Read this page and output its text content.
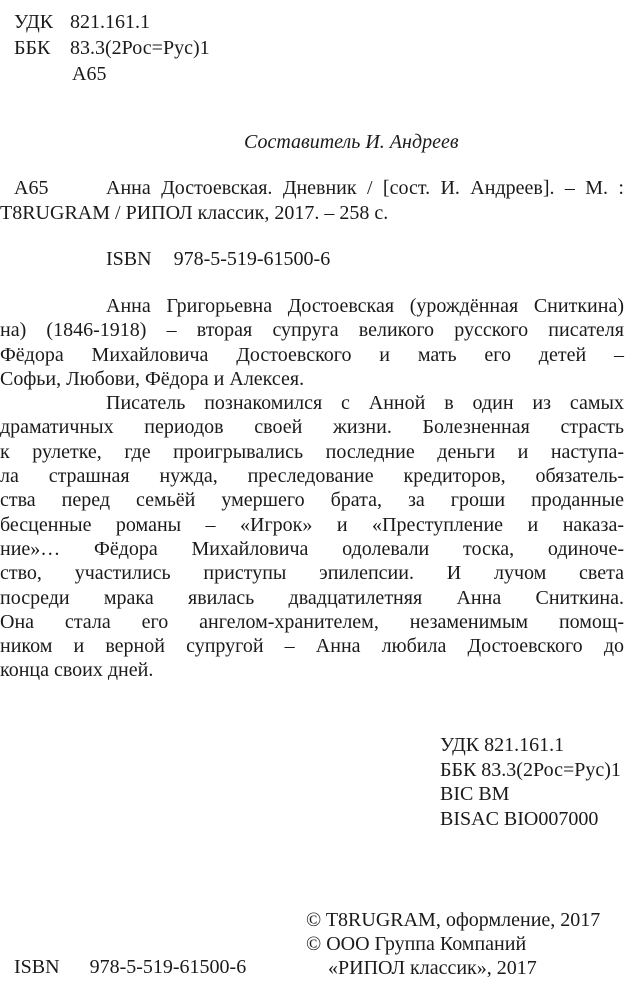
УДК 821.161.1
ББК 83.3(2Рос=Рус)1
А65
Составитель И. Андреев
А65	Анна Достоевская. Дневник / [сост. И. Андреев]. – М. :
T8RUGRAM / РИПОЛ классик, 2017. – 258 с.
ISBN 978-5-519-61500-6
Анна Григорьевна Достоевская (урождённая Сниткина)
на) (1846-1918) – вторая супруга великого русского писателя
Фёдора Михайловича Достоевского и мать его детей –
Софьи, Любови, Фёдора и Алексея.
Писатель познакомился с Анной в один из самых
драматичных периодов своей жизни. Болезненная страсть
к рулетке, где проигрывались последние деньги и наступа-
ла страшная нужда, преследование кредиторов, обязатель-
ства перед семьёй умершего брата, за гроши проданные
бесценные романы – «Игрок» и «Преступление и наказа-
ние»… Фёдора Михайловича одолевали тоска, одиноче-
ство, участились приступы эпилепсии. И лучом света
посреди мрака явилась двадцатилетняя Анна Сниткина.
Она стала его ангелом-хранителем, незаменимым помощ-
ником и верной супругой – Анна любила Достоевского до
конца своих дней.
УДК 821.161.1
ББК 83.3(2Рос=Рус)1
BIC BM
BISAC BIO007000
© T8RUGRAM, оформление, 2017
© ООО Группа Компаний
«РИПОЛ классик», 2017
ISBN 978-5-519-61500-6
